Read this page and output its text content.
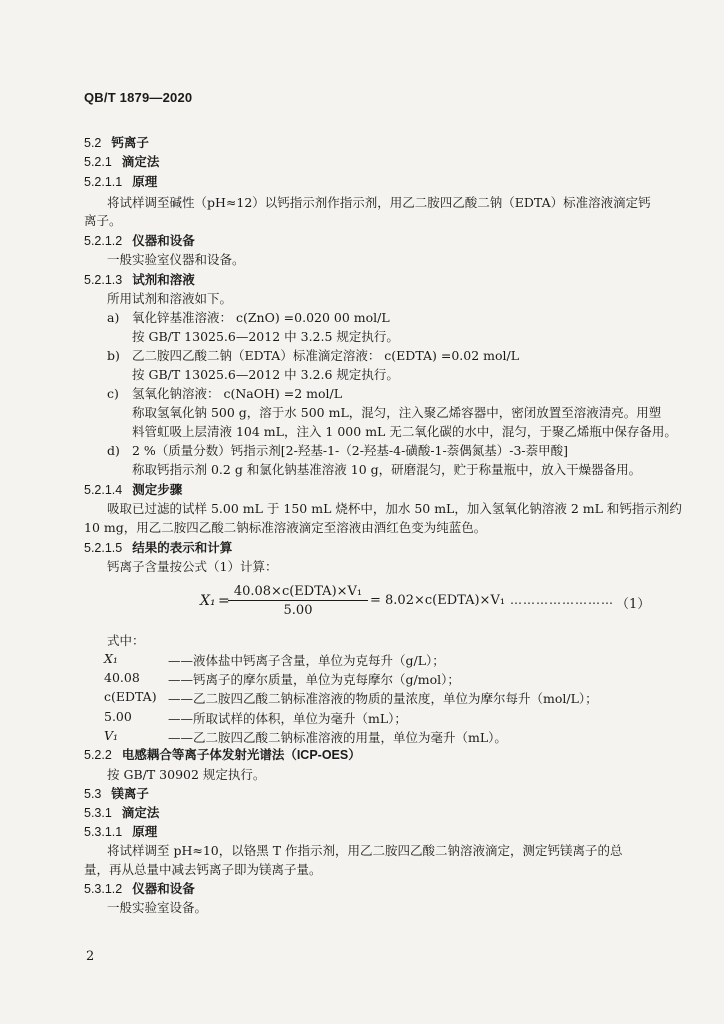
QB/T 1879—2020
5.2 钙离子
5.2.1 滴定法
5.2.1.1 原理
将试样调至碱性（pH≈12）以钙指示剂作指示剂，用乙二胺四乙酸二钠（EDTA）标准溶液滴定钙
离子。
5.2.1.2 仪器和设备
一般实验室仪器和设备。
5.2.1.3 试剂和溶液
所用试剂和溶液如下。
a) 氧化锌基准溶液： c(ZnO) =0.020 00 mol/L
按 GB/T 13025.6—2012 中 3.2.5 规定执行。
b) 乙二胺四乙酸二钠（EDTA）标准滴定溶液： c(EDTA) =0.02 mol/L
按 GB/T 13025.6—2012 中 3.2.6 规定执行。
c) 氢氧化钠溶液： c(NaOH) =2 mol/L
称取氢氧化钠 500 g，溶于水 500 mL，混匀，注入聚乙烯容器中，密闭放置至溶液清亮。用塑
料管虹吸上层清液 104 mL，注入 1 000 mL 无二氧化碳的水中，混匀，于聚乙烯瓶中保存备用。
d) 2 %（质量分数）钙指示剂[2-羟基-1-（2-羟基-4-磺酸-1-萘偶氮基）-3-萘甲酸]
称取钙指示剂 0.2 g 和氯化钠基准溶液 10 g，研磨混匀，贮于称量瓶中，放入干燥器备用。
5.2.1.4 测定步骤
吸取已过滤的试样 5.00 mL 于 150 mL 烧杯中，加水 50 mL，加入氢氧化钠溶液 2 mL 和钙指示剂约
10 mg，用乙二胺四乙酸二钠标准溶液滴定至溶液由酒红色变为纯蓝色。
5.2.1.5 结果的表示和计算
钙离子含量按公式（1）计算：
X₁ =
40.08×c(EDTA)×V₁
5.00
= 8.02×c(EDTA)×V₁ …………………… （1）
式中：
X₁	——液体盐中钙离子含量，单位为克每升（g/L）；
40.08	——钙离子的摩尔质量，单位为克每摩尔（g/mol）；
c(EDTA) ——乙二胺四乙酸二钠标准溶液的物质的量浓度，单位为摩尔每升（mol/L）；
5.00	——所取试样的体积，单位为毫升（mL）；
V₁	——乙二胺四乙酸二钠标准溶液的用量，单位为毫升（mL）。
5.2.2 电感耦合等离子体发射光谱法（ICP-OES）
按 GB/T 30902 规定执行。
5.3 镁离子
5.3.1 滴定法
5.3.1.1 原理
将试样调至 pH≈10，以铬黑 T 作指示剂，用乙二胺四乙酸二钠溶液滴定，测定钙镁离子的总
量，再从总量中减去钙离子即为镁离子量。
5.3.1.2 仪器和设备
一般实验室设备。
2
